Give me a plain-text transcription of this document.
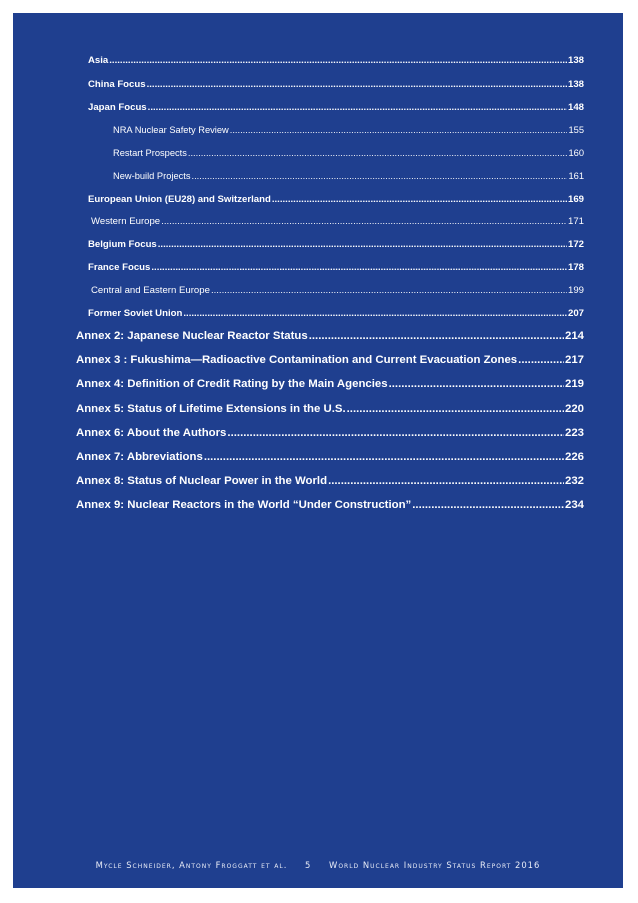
Asia .....	138
China Focus .....	138
Japan Focus .....	148
NRA Nuclear Safety Review .....	155
Restart Prospects .....	160
New-build Projects .....	161
European Union (EU28) and Switzerland .....	169
Western Europe .....	171
Belgium Focus .....	172
France Focus .....	178
Central and Eastern Europe .....	199
Former Soviet Union .....	207
Annex 2: Japanese Nuclear Reactor Status .....	214
Annex 3 : Fukushima—Radioactive Contamination and Current Evacuation Zones .....	217
Annex 4: Definition of Credit Rating by the Main Agencies .....	219
Annex 5: Status of Lifetime Extensions in the U.S. .....	220
Annex 6: About the Authors .....	223
Annex 7: Abbreviations .....	226
Annex 8: Status of Nuclear Power in the World .....	232
Annex 9: Nuclear Reactors in the World “Under Construction” .....	234
Mycle Schneider, Antony Froggatt et al. 5 World Nuclear Industry Status Report 2016
